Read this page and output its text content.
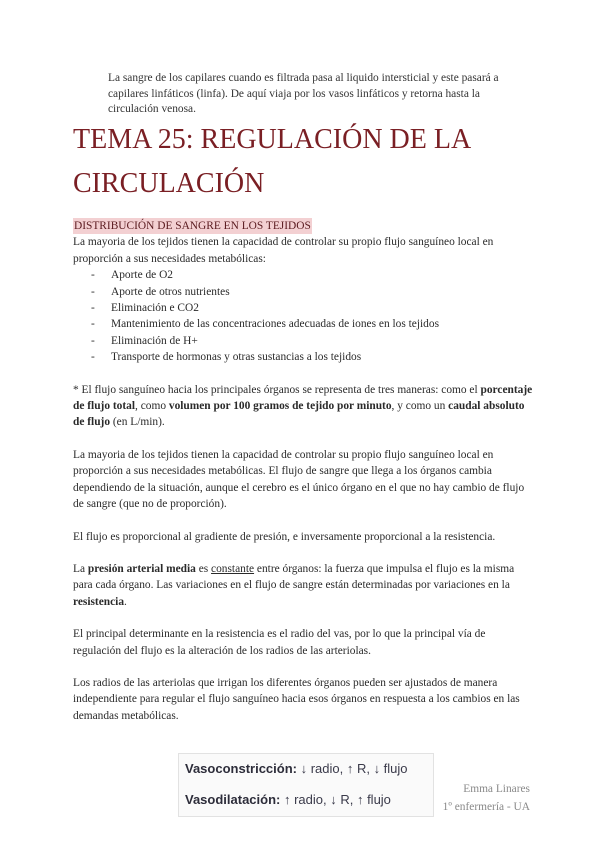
La sangre de los capilares cuando es filtrada pasa al liquido intersticial y este pasará a capilares linfáticos (linfa). De aquí viaja por los vasos linfáticos y retorna hasta la circulación venosa.

TEMA 25: REGULACIÓN DE LA CIRCULACIÓN
DISTRIBUCIÓN DE SANGRE EN LOS TEJIDOS

La mayoria de los tejidos tienen la capacidad de controlar su propio flujo sanguíneo local en proporción a sus necesidades metabólicas:

- Aporte de O2
- Aporte de otros nutrientes
- Eliminación e CO2
- Mantenimiento de las concentraciones adecuadas de iones en los tejidos
- Eliminación de H+
- Transporte de hormonas y otras sustancias a los tejidos

* El flujo sanguíneo hacia los principales órganos se representa de tres maneras: como el porcentaje de flujo total, como volumen por 100 gramos de tejido por minuto, y como un caudal absoluto de flujo (en L/min).

La mayoria de los tejidos tienen la capacidad de controlar su propio flujo sanguíneo local en proporción a sus necesidades metabólicas. El flujo de sangre que llega a los órganos cambia dependiendo de la situación, aunque el cerebro es el único órgano en el que no hay cambio de flujo de sangre (que no de proporción).

El flujo es proporcional al gradiente de presión, e inversamente proporcional a la resistencia.

La presión arterial media es constante entre órganos: la fuerza que impulsa el flujo es la misma para cada órgano. Las variaciones en el flujo de sangre están determinadas por variaciones en la resistencia.

El principal determinante en la resistencia es el radio del vas, por lo que la principal vía de regulación del flujo es la alteración de los radios de las arteriolas.

Los radios de las arteriolas que irrigan los diferentes órganos pueden ser ajustados de manera independiente para regular el flujo sanguíneo hacia esos órganos en respuesta a los cambios en las demandas metabólicas.

Vasoconstricción: ↓ radio, ↑ R, ↓ flujo
Vasodilatación: ↑ radio, ↓ R, ↑ flujo
Emma Linares
1º enfermería - UA
